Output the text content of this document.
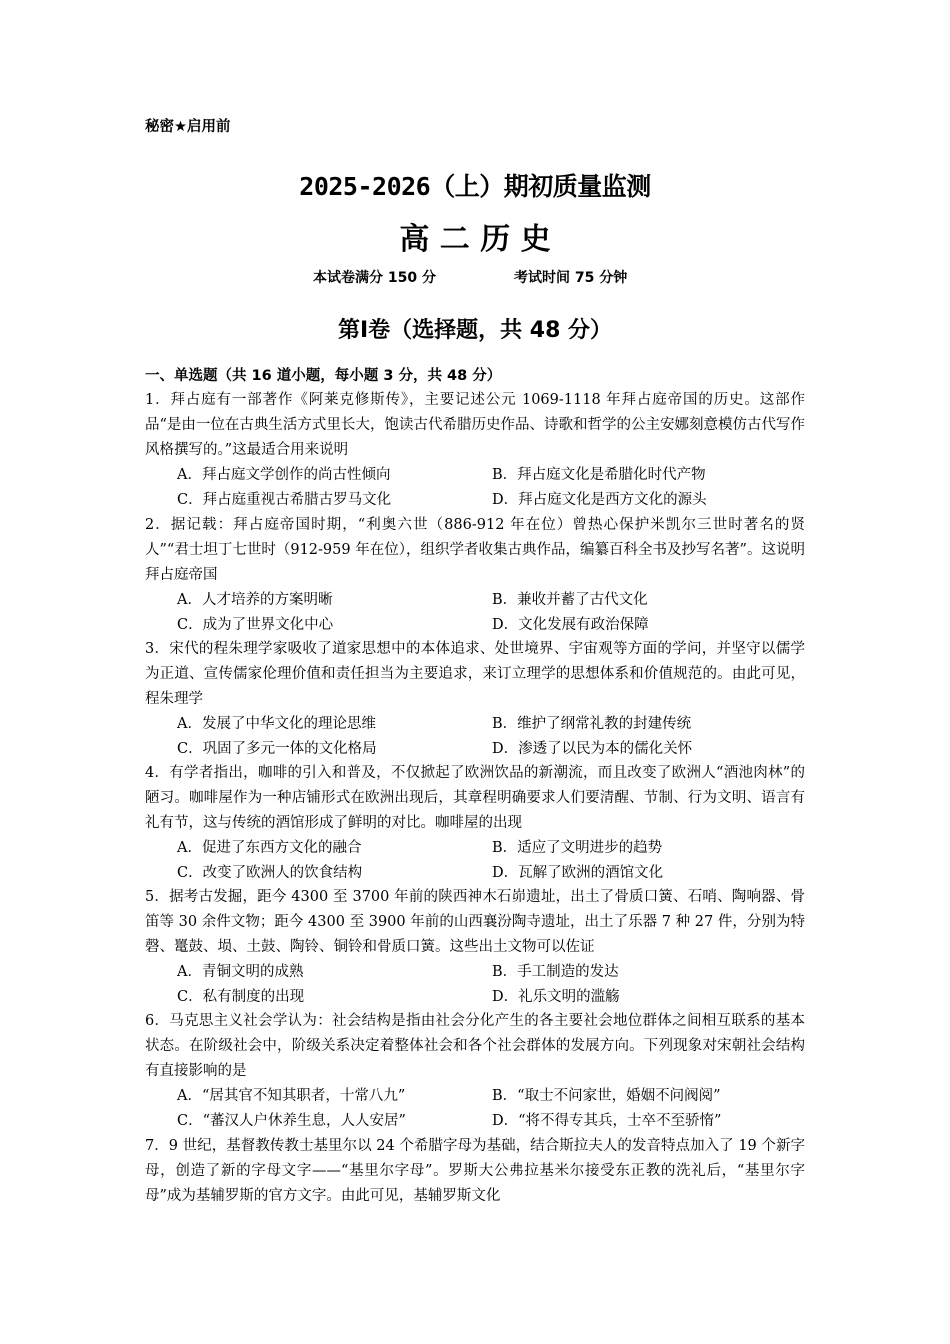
秘密★启用前
2025-2026（上）期初质量监测
高 二 历 史
本试卷满分 150 分	考试时间 75 分钟
第Ⅰ卷（选择题，共 48 分）
一、单选题（共 16 道小题，每小题 3 分，共 48 分）
1．拜占庭有一部著作《阿莱克修斯传》，主要记述公元 1069-1118 年拜占庭帝国的历史。这部作品“是由一位在古典生活方式里长大，饱读古代希腊历史作品、诗歌和哲学的公主安娜刻意模仿古代写作风格撰写的。”这最适合用来说明
A．拜占庭文学创作的尚古性倾向	B．拜占庭文化是希腊化时代产物
C．拜占庭重视古希腊古罗马文化	D．拜占庭文化是西方文化的源头
2．据记载：拜占庭帝国时期，“利奥六世（886-912 年在位）曾热心保护米凯尔三世时著名的贤人”“君士坦丁七世时（912-959 年在位），组织学者收集古典作品，编纂百科全书及抄写名著”。这说明拜占庭帝国
A．人才培养的方案明晰	B．兼收并蓄了古代文化
C．成为了世界文化中心	D．文化发展有政治保障
3．宋代的程朱理学家吸收了道家思想中的本体追求、处世境界、宇宙观等方面的学问，并坚守以儒学为正道、宣传儒家伦理价值和责任担当为主要追求，来订立理学的思想体系和价值规范的。由此可见，程朱理学
A．发展了中华文化的理论思维	B．维护了纲常礼教的封建传统
C．巩固了多元一体的文化格局	D．渗透了以民为本的儒化关怀
4．有学者指出，咖啡的引入和普及，不仅掀起了欧洲饮品的新潮流，而且改变了欧洲人“酒池肉林”的陋习。咖啡屋作为一种店铺形式在欧洲出现后，其章程明确要求人们要清醒、节制、行为文明、语言有礼有节，这与传统的酒馆形成了鲜明的对比。咖啡屋的出现
A．促进了东西方文化的融合	B．适应了文明进步的趋势
C．改变了欧洲人的饮食结构	D．瓦解了欧洲的酒馆文化
5．据考古发掘，距今 4300 至 3700 年前的陕西神木石峁遗址，出土了骨质口簧、石哨、陶响器、骨笛等 30 余件文物；距今 4300 至 3900 年前的山西襄汾陶寺遗址，出土了乐器 7 种 27 件，分别为特磬、鼍鼓、埙、土鼓、陶铃、铜铃和骨质口簧。这些出土文物可以佐证
A．青铜文明的成熟	B．手工制造的发达
C．私有制度的出现	D．礼乐文明的滥觞
6．马克思主义社会学认为：社会结构是指由社会分化产生的各主要社会地位群体之间相互联系的基本状态。在阶级社会中，阶级关系决定着整体社会和各个社会群体的发展方向。下列现象对宋朝社会结构有直接影响的是
A．“居其官不知其职者，十常八九”	B．“取士不问家世，婚姻不问阀阅”
C．“蕃汉人户休养生息，人人安居”	D．“将不得专其兵，士卒不至骄惰”
7．9 世纪，基督教传教士基里尔以 24 个希腊字母为基础，结合斯拉夫人的发音特点加入了 19 个新字母，创造了新的字母文字——“基里尔字母”。罗斯大公弗拉基米尔接受东正教的洗礼后，“基里尔字母”成为基辅罗斯的官方文字。由此可见，基辅罗斯文化
